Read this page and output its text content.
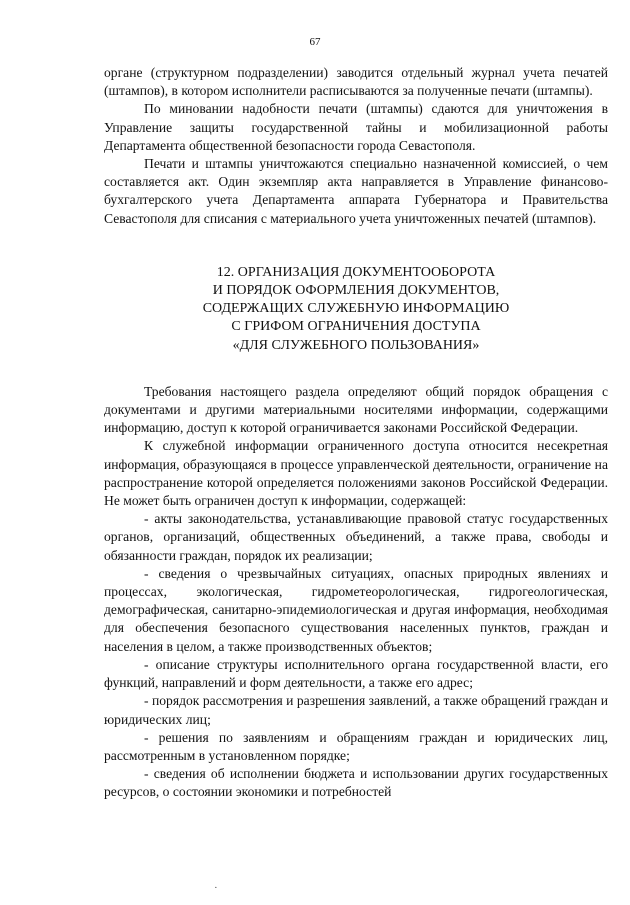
67

органе (структурном подразделении) заводится отдельный журнал учета печатей (штампов), в котором исполнители расписываются за полученные печати (штампы).

По миновании надобности печати (штампы) сдаются для уничтожения в Управление защиты государственной тайны и мобилизационной работы Департамента общественной безопасности города Севастополя.

Печати и штампы уничтожаются специально назначенной комиссией, о чем составляется акт. Один экземпляр акта направляется в Управление финансово-бухгалтерского учета Департамента аппарата Губернатора и Правительства Севастополя для списания с материального учета уничтоженных печатей (штампов).

12. ОРГАНИЗАЦИЯ ДОКУМЕНТООБОРОТА
И ПОРЯДОК ОФОРМЛЕНИЯ ДОКУМЕНТОВ,
СОДЕРЖАЩИХ СЛУЖЕБНУЮ ИНФОРМАЦИЮ
С ГРИФОМ ОГРАНИЧЕНИЯ ДОСТУПА
«ДЛЯ СЛУЖЕБНОГО ПОЛЬЗОВАНИЯ»

Требования настоящего раздела определяют общий порядок обращения с документами и другими материальными носителями информации, содержащими информацию, доступ к которой ограничивается законами Российской Федерации.

К служебной информации ограниченного доступа относится несекретная информация, образующаяся в процессе управленческой деятельности, ограничение на распространение которой определяется положениями законов Российской Федерации. Не может быть ограничен доступ к информации, содержащей:

- акты законодательства, устанавливающие правовой статус государственных органов, организаций, общественных объединений, а также права, свободы и обязанности граждан, порядок их реализации;

- сведения о чрезвычайных ситуациях, опасных природных явлениях и процессах, экологическая, гидрометеорологическая, гидрогеологическая, демографическая, санитарно-эпидемиологическая и другая информация, необходимая для обеспечения безопасного существования населенных пунктов, граждан и населения в целом, а также производственных объектов;

- описание структуры исполнительного органа государственной власти, его функций, направлений и форм деятельности, а также его адрес;

- порядок рассмотрения и разрешения заявлений, а также обращений граждан и юридических лиц;

- решения по заявлениям и обращениям граждан и юридических лиц, рассмотренным в установленном порядке;

- сведения об исполнении бюджета и использовании других государственных ресурсов, о состоянии экономики и потребностей

·
